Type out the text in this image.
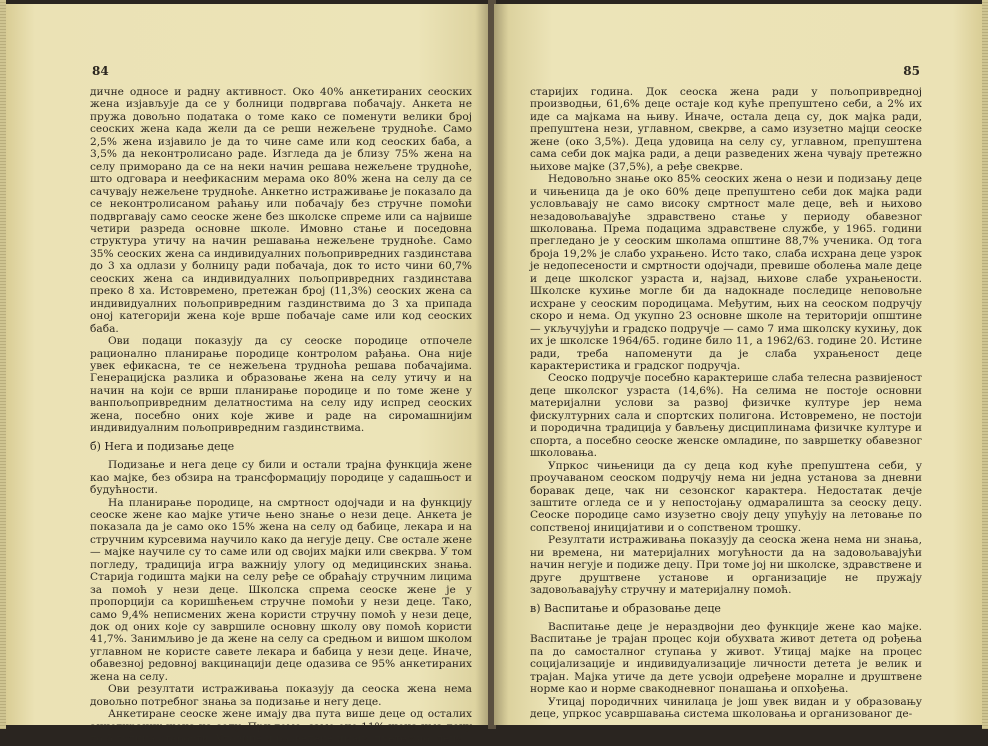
84

дичне односе и радну активност. Око 40% анкетираних сеоских жена изјављује да се у болници подвргава побачају. Анкета не пружа довољно података о томе како се поменути велики број сеоских жена када жели да се реши нежељене трудноће. Само 2,5% жена изјавило је да то чине саме или код сеоских баба, а 3,5% да неконтролисано раде. Изгледа да је близу 75% жена на селу приморано да се на неки начин решава нежељене трудноће, што одговара и неефикасним мерама око 80% жена на селу да се сачувају нежељене трудноће. Анкетно истраживање је показало да се неконтролисаном раћању или побачају без стручне помоћи подвргавају само сеоске жене без школске спреме или са највише четири разреда основне школе. Имовно стање и поседовна структура утичу на начин решавања нежељене трудноће. Само 35% сеоских жена са индивидуалних пољопривредних газдинстава до 3 ха одлази у болницу ради побачаја, док то исто чини 60,7% сеоских жена са индивидуалних пољопривредних газдинстава преко 8 ха. Истовремено, претежан број (11,3%) сеоских жена са индивидуалних пољопривредним газдинствима до 3 ха припада оној категорији жена које врше побачаје саме или код сеоских баба.

Ови подаци показују да су сеоске породице отпочеле рационално планирање породице контролом рађања. Она није увек ефикасна, те се нежељена трудноћа решава побачајима. Генерацијска разлика и образовање жена на селу утичу и на начин на који се врши планирање породице и по томе жене у ванпољопривредним делатностима на селу иду испред сеоских жена, посебно оних које живе и раде на сиромашнијим индивидуалним пољопривредним газдинствима.

б) Нега и подизање деце

Подизање и нега деце су били и остали трајна функција жене као мајке, без обзира на трансформацију породице у садашњост и будућности.

На планирање породице, на смртност одојчади и на функцију сеоске жене као мајке утиче њено знање о нези деце. Анкета је показала да је само око 15% жена на селу од бабице, лекара и на стручним курсевима научило како да негује децу. Све остале жене — мајке научиле су то саме или од својих мајки или свекрва. У том погледу, традиција игра важнију улогу од медицинских знања. Старија годишта мајки на селу ређе се обраћају стручним лицима за помоћ у нези деце. Школска спрема сеоске жене је у пропорцији са коришћењем стручне помоћи у нези деце. Тако, само 9,4% неписмених жена користи стручну помоћ у нези деце, док од оних које су завршиле основну школу ову помоћ користи 41,7%. Занимљиво је да жене на селу са средњом и вишом школом углавном не користе савете лекара и бабица у нези деце. Иначе, обавезној редовној вакцинацији деце одазива се 95% анкетираних жена на селу.

Ови резултати истраживања показују да сеоска жена нема довољно потребног знања за подизање и негу деце.

Анкетиране сеоске жене имају два пута више деце од осталих анкетираних жена на селу. При томе, само око 11% жена има децу до 5 година старости. Удовице и разведене имају, претежно, децу

85

старијих година. Док сеоска жена ради у пољопривредној производњи, 61,6% деце остаје код куће препуштено себи, а 2% их иде са мајкама на њиву. Иначе, остала деца су, док мајка ради, препуштена нези, углавном, свекрве, а само изузетно мајци сеоске жене (око 3,5%). Деца удовица на селу су, углавном, препуштена сама себи док мајка ради, а деци разведених жена чувају претежно њихове мајке (37,5%), а ређе свекрве.

Недовољно знање око 85% сеоских жена о нези и подизању деце и чињеница да је око 60% деце препуштено себи док мајка ради условљавају не само високу смртност мале деце, већ и њихово незадовољавајуће здравствено стање у периоду обавезног школовања. Према подацима здравствене службе, у 1965. години прегледано је у сеоским школама општине 88,7% ученика. Од тога броја 19,2% је слабо ухрањено. Исто тако, слаба исхрана деце узрок је недопесености и смртности одојчади, превише оболења мале деце и деце школског узраста и, најзад, њихове слабе ухрањености. Школске кухиње могле би да надокнаде последице неповољне исхране у сеоским породицама. Међутим, њих на сеоском подручју скоро и нема. Од укупно 23 основне школе на територији општине — укључујући и градско подручје — само 7 има школску кухињу, док их је школске 1964/65. године било 11, а 1962/63. године 20. Истине ради, треба напоменути да је слаба ухрањеност деце карактеристика и градског подручја.

Сеоско подручје посебно карактерише слаба телесна развијеност деце школског узраста (14,6%). На селима не постоје основни материјални услови за развој физичке културе јер нема фискултурних сала и спортских полигона. Истовремено, не постоји и породична традиција у бављењу дисциплинама физичке културе и спорта, а посебно сеоске женске омладине, по завршетку обавезног школовања.

Упркос чињеници да су деца код куће препуштена себи, у проучаваном сеоском подручју нема ни једна установа за дневни боравак деце, чак ни сезонског карактера. Недостатак дечје заштите огледа се и у непостојању одмаралишта за сеоску децу. Сеоске породице само изузетно своју децу упућују на летовање по сопственој иницијативи и о сопственом трошку.

Резултати истраживања показују да сеоска жена нема ни знања, ни времена, ни материјалних могућности да на задовољавајући начин негује и подиже децу. При томе јој ни школске, здравствене и друге друштвене установе и организације не пружају задовољавајућу стручну и материјалну помоћ.

в) Васпитање и образовање деце

Васпитање деце је нераздвојни део функције жене као мајке. Васпитање је трајан процес који обухвата живот детета од рођења па до самосталног ступања у живот. Утицај мајке на процес социјализације и индивидуализације личности детета је велик и трајан. Мајка утиче да дете усвоји одређене моралне и друштвене норме као и норме свакодневног понашања и опхођења.

Утицај породичних чинилаца је још увек видан и у образовању деце, упркос усавршавања система школовања и организованог де-
